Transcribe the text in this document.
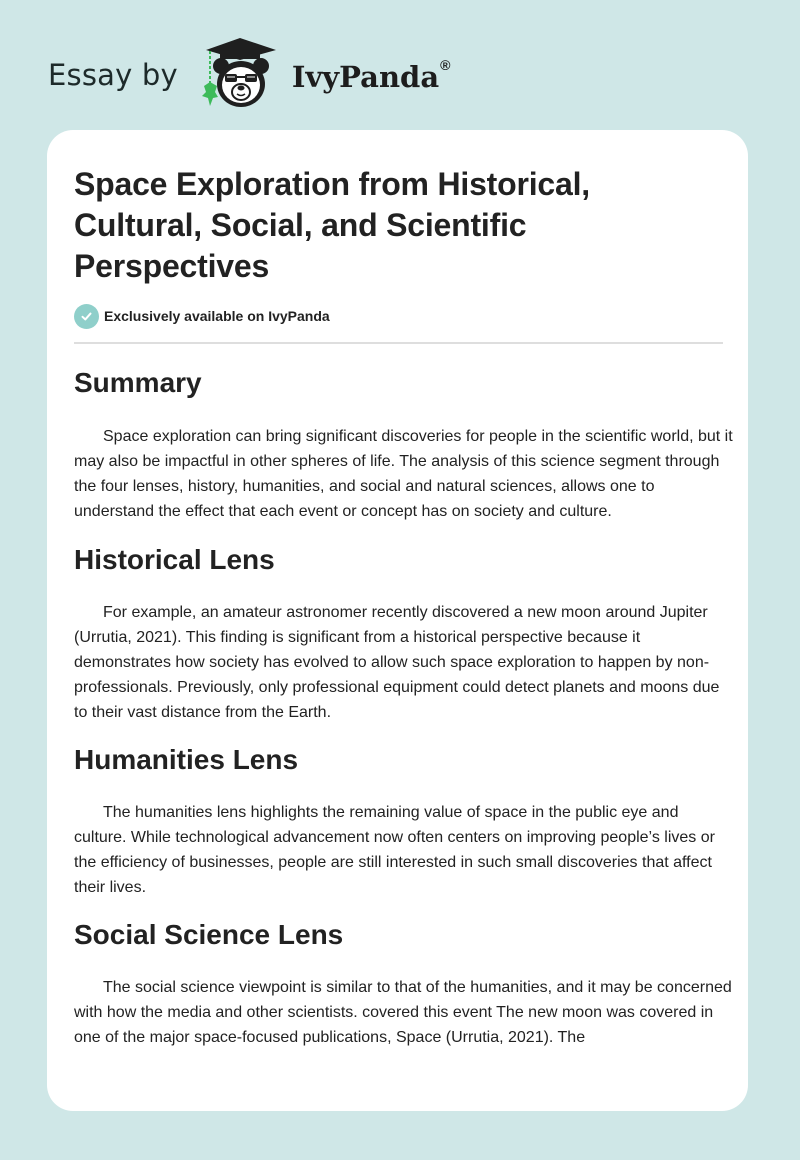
Essay by	IvyPanda®
Space Exploration from Historical, Cultural, Social, and Scientific Perspectives
Exclusively available on IvyPanda
Summary

Space exploration can bring significant discoveries for people in the scientific world, but it may also be impactful in other spheres of life. The analysis of this science segment through the four lenses, history, humanities, and social and natural sciences, allows one to understand the effect that each event or concept has on society and culture.

Historical Lens

For example, an amateur astronomer recently discovered a new moon around Jupiter (Urrutia, 2021). This finding is significant from a historical perspective because it demonstrates how society has evolved to allow such space exploration to happen by non-professionals. Previously, only professional equipment could detect planets and moons due to their vast distance from the Earth.

Humanities Lens

The humanities lens highlights the remaining value of space in the public eye and culture. While technological advancement now often centers on improving people’s lives or the efficiency of businesses, people are still interested in such small discoveries that affect their lives.

Social Science Lens

The social science viewpoint is similar to that of the humanities, and it may be concerned with how the media and other scientists. covered this event The new moon was covered in one of the major space-focused publications, Space (Urrutia, 2021). The
